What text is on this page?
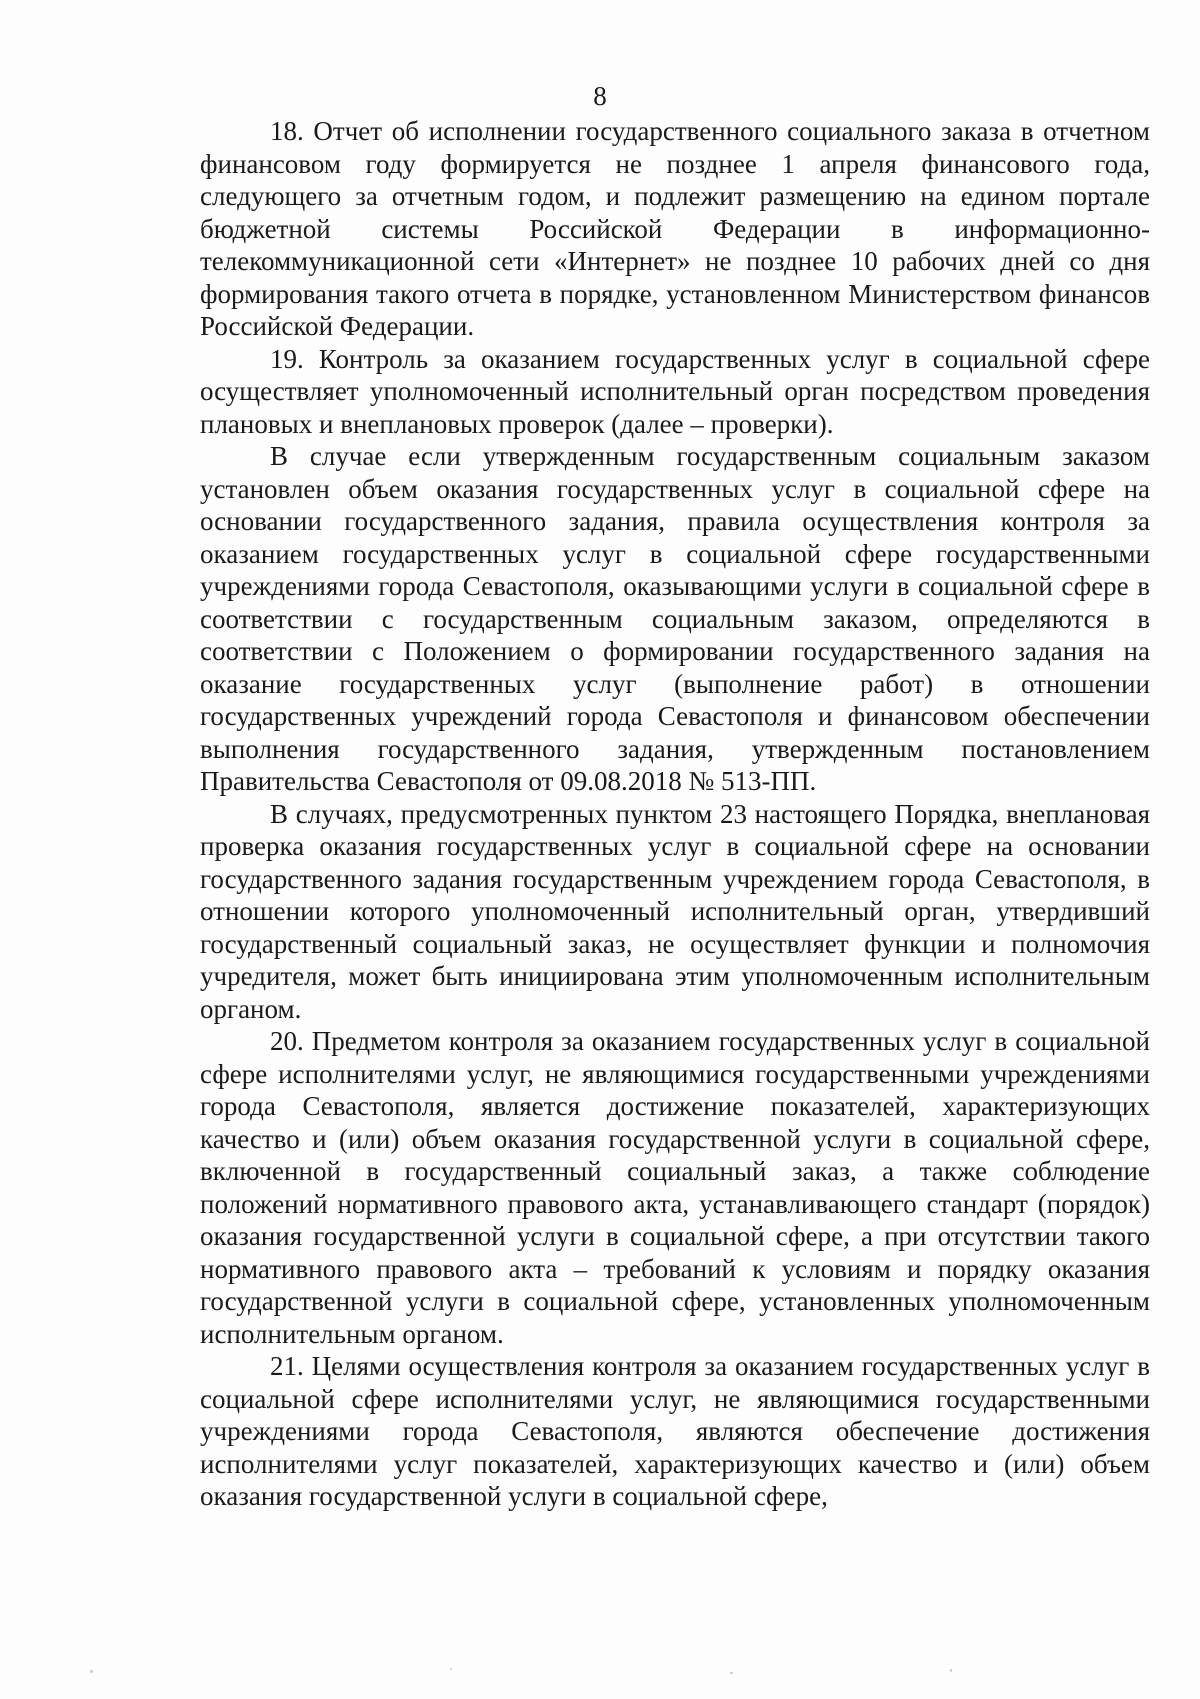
8

18. Отчет об исполнении государственного социального заказа в отчетном финансовом году формируется не позднее 1 апреля финансового года, следующего за отчетным годом, и подлежит размещению на едином портале бюджетной системы Российской Федерации в информационно-телекоммуникационной сети «Интернет» не позднее 10 рабочих дней со дня формирования такого отчета в порядке, установленном Министерством финансов Российской Федерации.

19. Контроль за оказанием государственных услуг в социальной сфере осуществляет уполномоченный исполнительный орган посредством проведения плановых и внеплановых проверок (далее – проверки).

В случае если утвержденным государственным социальным заказом установлен объем оказания государственных услуг в социальной сфере на основании государственного задания, правила осуществления контроля за оказанием государственных услуг в социальной сфере государственными учреждениями города Севастополя, оказывающими услуги в социальной сфере в соответствии с государственным социальным заказом, определяются в соответствии с Положением о формировании государственного задания на оказание государственных услуг (выполнение работ) в отношении государственных учреждений города Севастополя и финансовом обеспечении выполнения государственного задания, утвержденным постановлением Правительства Севастополя от 09.08.2018 № 513-ПП.

В случаях, предусмотренных пунктом 23 настоящего Порядка, внеплановая проверка оказания государственных услуг в социальной сфере на основании государственного задания государственным учреждением города Севастополя, в отношении которого уполномоченный исполнительный орган, утвердивший государственный социальный заказ, не осуществляет функции и полномочия учредителя, может быть инициирована этим уполномоченным исполнительным органом.

20. Предметом контроля за оказанием государственных услуг в социальной сфере исполнителями услуг, не являющимися государственными учреждениями города Севастополя, является достижение показателей, характеризующих качество и (или) объем оказания государственной услуги в социальной сфере, включенной в государственный социальный заказ, а также соблюдение положений нормативного правового акта, устанавливающего стандарт (порядок) оказания государственной услуги в социальной сфере, а при отсутствии такого нормативного правового акта – требований к условиям и порядку оказания государственной услуги в социальной сфере, установленных уполномоченным исполнительным органом.

21. Целями осуществления контроля за оказанием государственных услуг в социальной сфере исполнителями услуг, не являющимися государственными учреждениями города Севастополя, являются обеспечение достижения исполнителями услуг показателей, характеризующих качество и (или) объем оказания государственной услуги в социальной сфере,
